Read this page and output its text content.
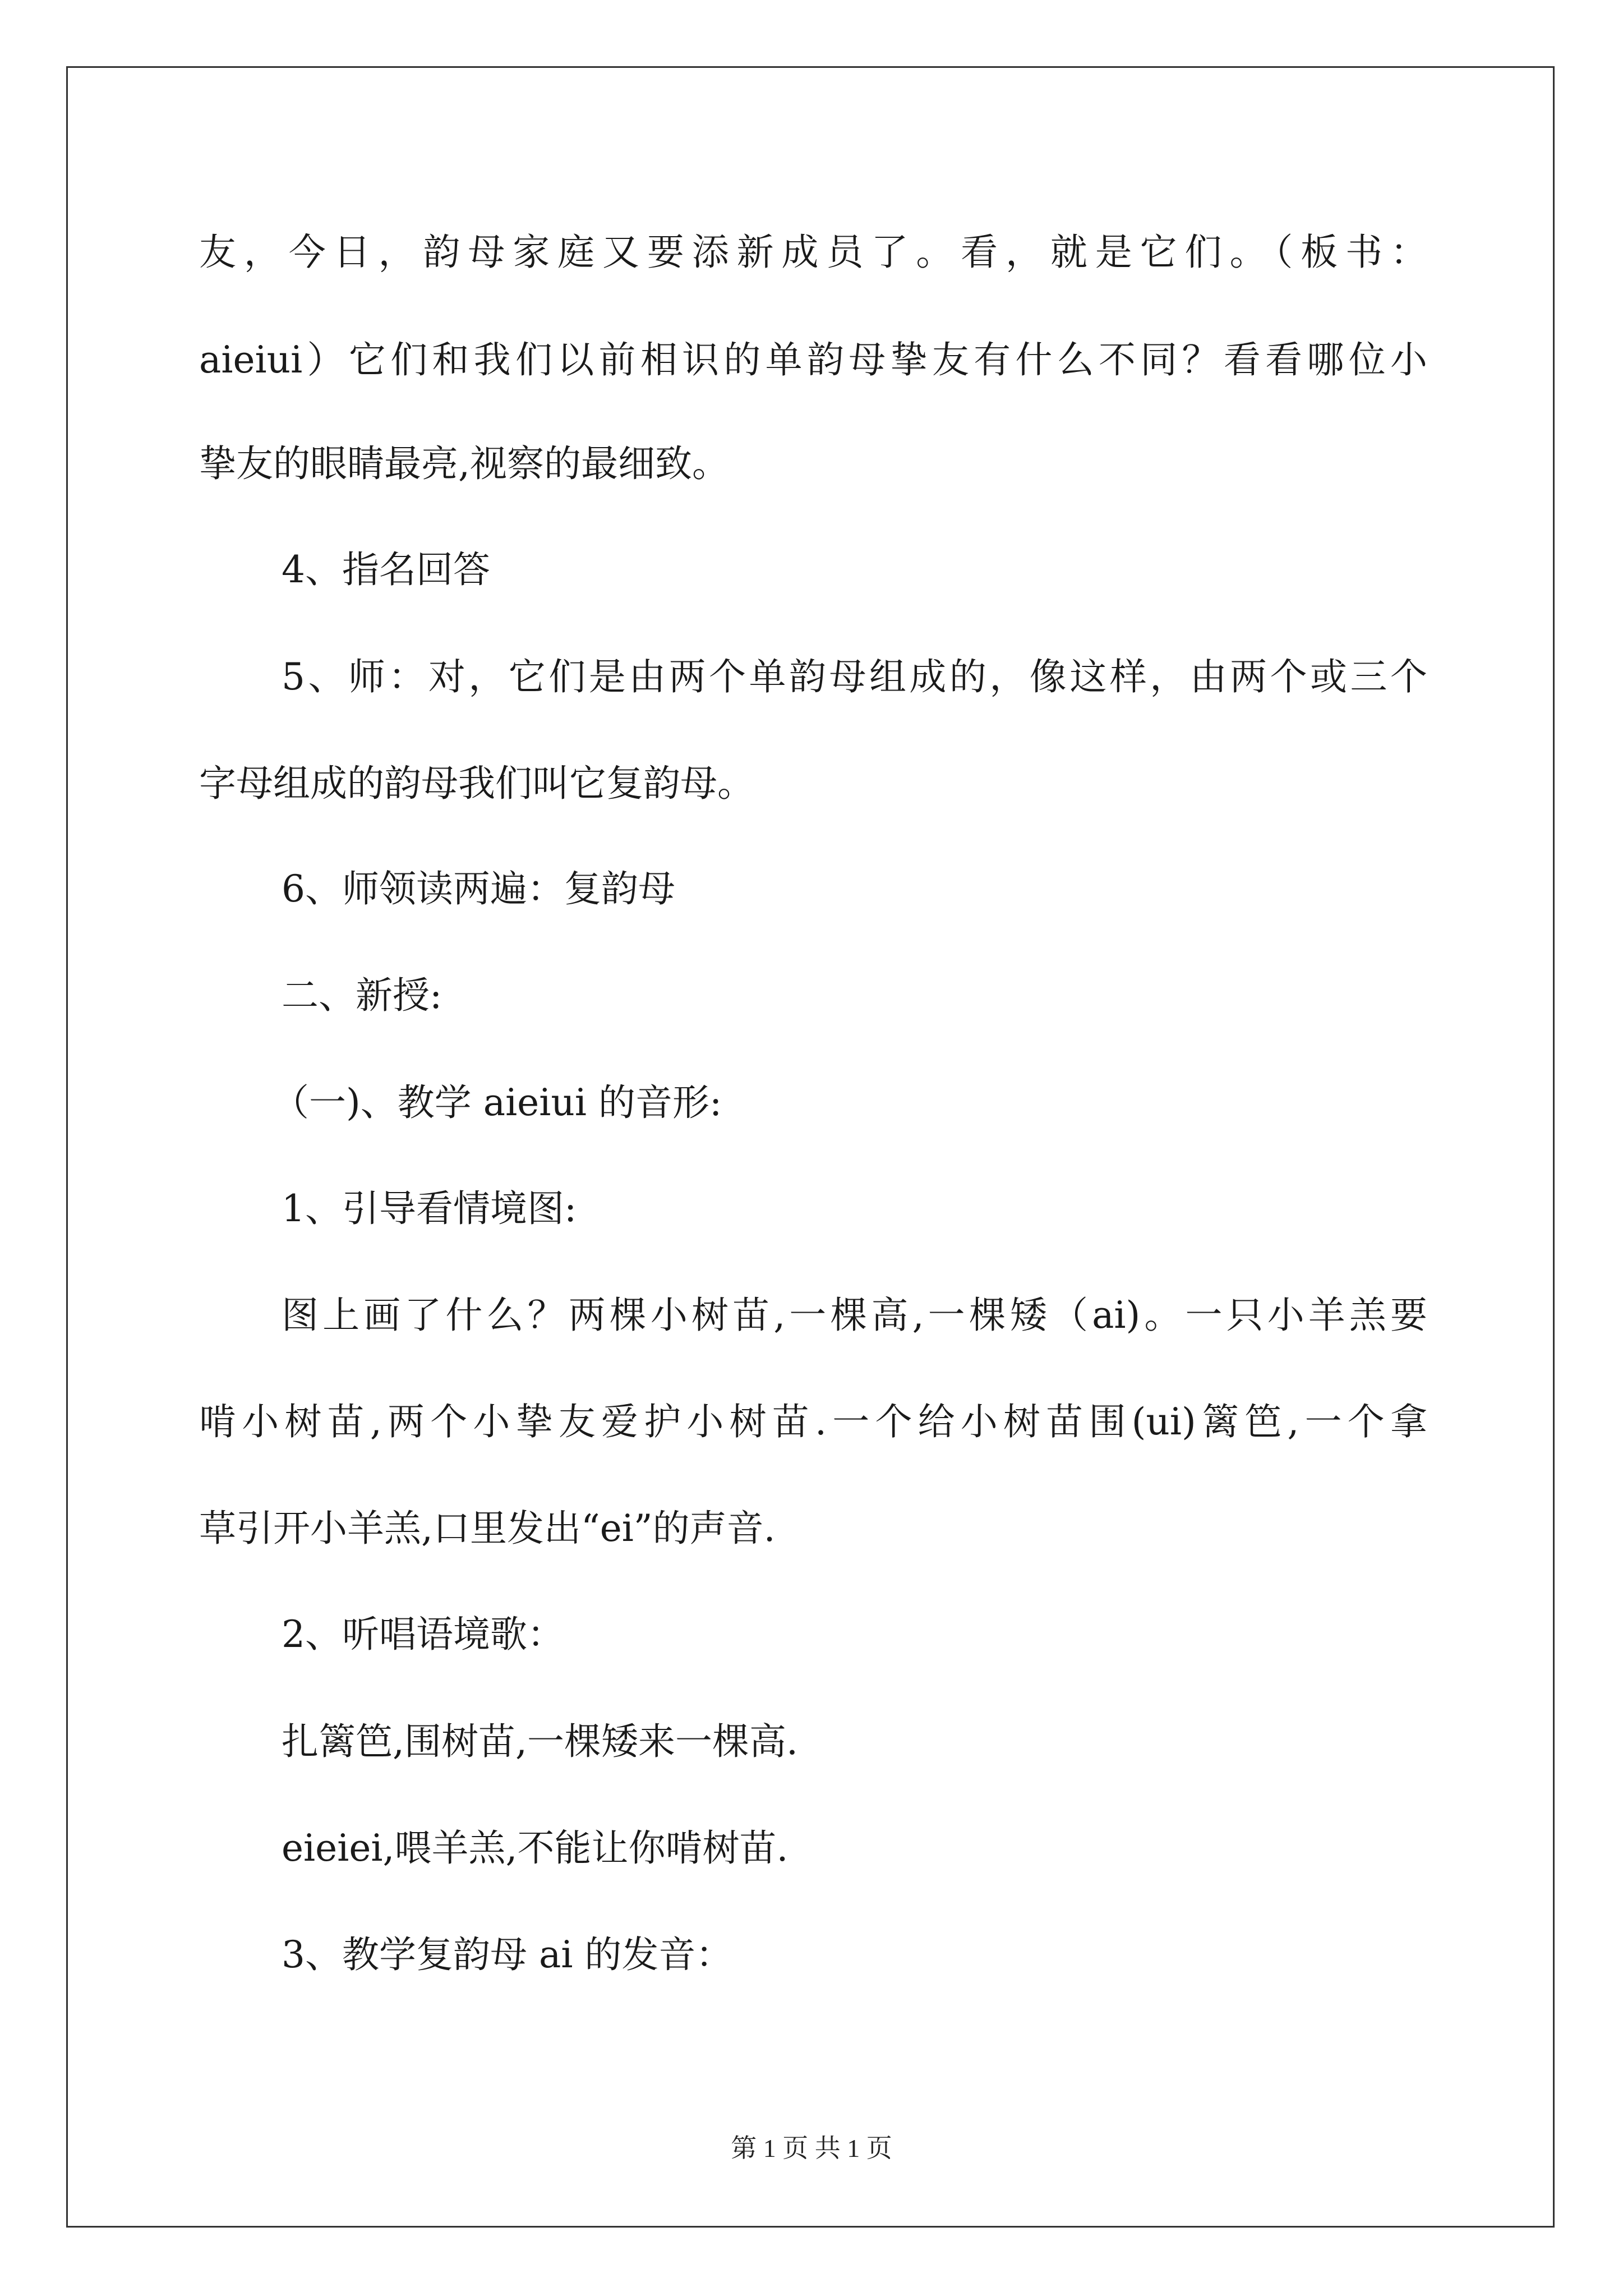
友，今日，韵母家庭又要添新成员了。看，就是它们。（板书：
aieiui）它们和我们以前相识的单韵母挚友有什么不同？看看哪位小
挚友的眼睛最亮,视察的最细致。
4、指名回答
5、师：对，它们是由两个单韵母组成的，像这样，由两个或三个
字母组成的韵母我们叫它复韵母。
6、师领读两遍：复韵母
二、新授:
（一)、教学 aieiui 的音形:
1、引导看情境图:
图上画了什么？两棵小树苗,一棵高,一棵矮（ai)。一只小羊羔要
啃小树苗,两个小挚友爱护小树苗.一个给小树苗围(ui)篱笆,一个拿
草引开小羊羔,口里发出“ei”的声音.
2、听唱语境歌：
扎篱笆,围树苗,一棵矮来一棵高.
eieiei,喂羊羔,不能让你啃树苗.
3、教学复韵母 ai 的发音：
第 1 页 共 1 页
